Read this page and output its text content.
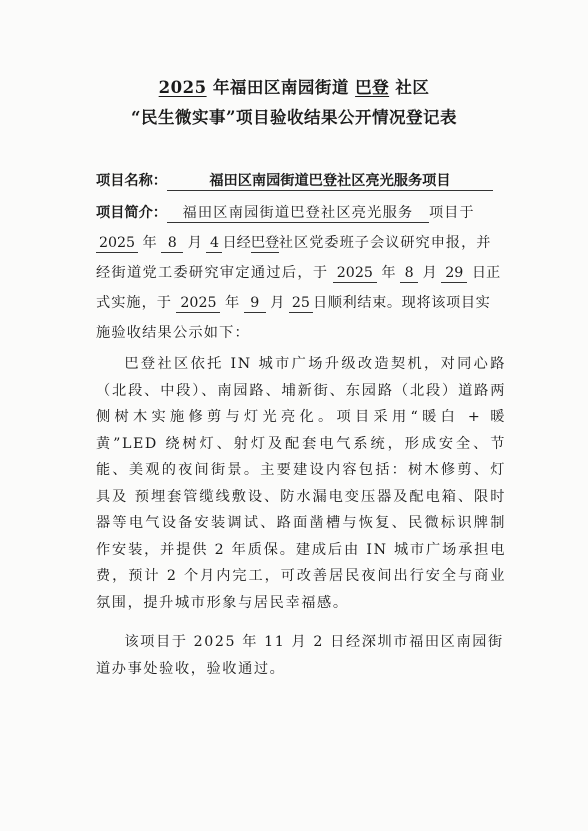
2025 年福田区南园街道 巴登 社区
“民生微实事”项目验收结果公开情况登记表
项目名称：	福田区南园街道巴登社区亮光服务项目
项目简介： 福田区南园街道巴登社区亮光服务 项目于
2025 年 8 月 4 日经巴登社区党委班子会议研究申报，并
经街道党工委研究审定通过后，于 2025 年 8 月 29 日正
式实施，于 2025 年 9 月 25 日顺利结束。现将该项目实
施验收结果公示如下：
巴登社区依托 IN 城市广场升级改造契机，对同心路（北段、中段）、南园路、埔新街、东园路（北段）道路两侧树木实施修剪与灯光亮化。项目采用“暖白 + 暖黄”LED 绕树灯、射灯及配套电气系统，形成安全、节能、美观的夜间街景。主要建设内容包括：树木修剪、灯具及 预埋套管缆线敷设、防水漏电变压器及配电箱、限时器等电气设备安装调试、路面凿槽与恢复、民微标识牌制作安装，并提供 2 年质保。建成后由 IN 城市广场承担电费，预计 2 个月内完工，可改善居民夜间出行安全与商业氛围，提升城市形象与居民幸福感。
该项目于 2025 年 11 月 2 日经深圳市福田区南园街道办事处验收，验收通过。
